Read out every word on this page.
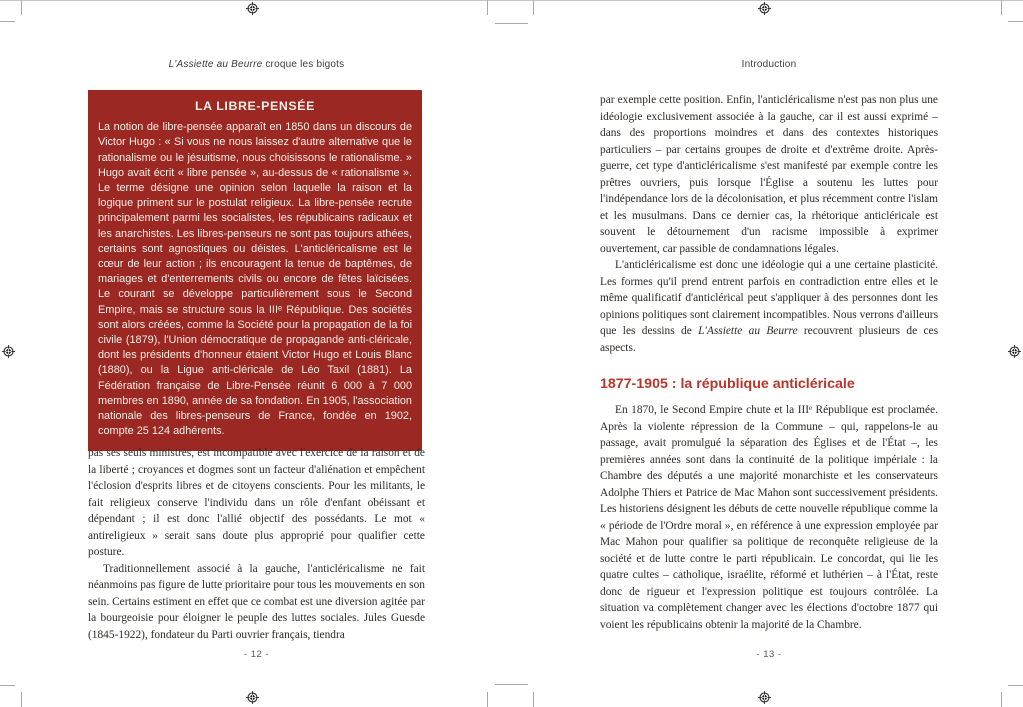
L'Assiette au Beurre croque les bigots
LA LIBRE-PENSÉE
La notion de libre-pensée apparaît en 1850 dans un discours de Victor Hugo : « Si vous ne nous laissez d'autre alternative que le rationalisme ou le jésuitisme, nous choisissons le rationalisme. » Hugo avait écrit « libre pensée », au-dessus de « rationalisme ». Le terme désigne une opinion selon laquelle la raison et la logique priment sur le postulat religieux. La libre-pensée recrute principalement parmi les socialistes, les républicains radicaux et les anarchistes. Les libres-penseurs ne sont pas toujours athées, certains sont agnostiques ou déistes. L'anticléricalisme est le cœur de leur action ; ils encouragent la tenue de baptêmes, de mariages et d'enterrements civils ou encore de fêtes laïcisées. Le courant se développe particulièrement sous le Second Empire, mais se structure sous la IIIᵉ République. Des sociétés sont alors créées, comme la Société pour la propagation de la foi civile (1879), l'Union démocratique de propagande anti-cléricale, dont les présidents d'honneur étaient Victor Hugo et Louis Blanc (1880), ou la Ligue anti-cléricale de Léo Taxil (1881). La Fédération française de Libre-Pensée réunit 6 000 à 7 000 membres en 1890, année de sa fondation. En 1905, l'association nationale des libres-penseurs de France, fondée en 1902, compte 25 124 adhérents.

pas ses seuls ministres, est incompatible avec l'exercice de la raison et de la liberté ; croyances et dogmes sont un facteur d'aliénation et empêchent l'éclosion d'esprits libres et de citoyens conscients. Pour les militants, le fait religieux conserve l'individu dans un rôle d'enfant obéissant et dépendant ; il est donc l'allié objectif des possédants. Le mot « antireligieux » serait sans doute plus approprié pour qualifier cette posture.

Traditionnellement associé à la gauche, l'anticléricalisme ne fait néanmoins pas figure de lutte prioritaire pour tous les mouvements en son sein. Certains estiment en effet que ce combat est une diversion agitée par la bourgeoisie pour éloigner le peuple des luttes sociales. Jules Guesde (1845-1922), fondateur du Parti ouvrier français, tiendra

- 12 -
Introduction

par exemple cette position. Enfin, l'anticléricalisme n'est pas non plus une idéologie exclusivement associée à la gauche, car il est aussi exprimé – dans des proportions moindres et dans des contextes historiques particuliers – par certains groupes de droite et d'extrême droite. Après-guerre, cet type d'anticléricalisme s'est manifesté par exemple contre les prêtres ouvriers, puis lorsque l'Église a soutenu les luttes pour l'indépendance lors de la décolonisation, et plus récemment contre l'islam et les musulmans. Dans ce dernier cas, la rhétorique anticléricale est souvent le détournement d'un racisme impossible à exprimer ouvertement, car passible de condamnations légales.

L'anticléricalisme est donc une idéologie qui a une certaine plasticité. Les formes qu'il prend entrent parfois en contradiction entre elles et le même qualificatif d'anticlérical peut s'appliquer à des personnes dont les opinions politiques sont clairement incompatibles. Nous verrons d'ailleurs que les dessins de L'Assiette au Beurre recouvrent plusieurs de ces aspects.

1877-1905 : la république anticléricale

En 1870, le Second Empire chute et la IIIᵉ République est proclamée. Après la violente répression de la Commune – qui, rappelons-le au passage, avait promulgué la séparation des Églises et de l'État –, les premières années sont dans la continuité de la politique impériale : la Chambre des députés a une majorité monarchiste et les conservateurs Adolphe Thiers et Patrice de Mac Mahon sont successivement présidents. Les historiens désignent les débuts de cette nouvelle république comme la « période de l'Ordre moral », en référence à une expression employée par Mac Mahon pour qualifier sa politique de reconquête religieuse de la société et de lutte contre le parti républicain. Le concordat, qui lie les quatre cultes – catholique, israélite, réformé et luthérien – à l'État, reste donc de rigueur et l'expression politique est toujours contrôlée. La situation va complètement changer avec les élections d'octobre 1877 qui voient les républicains obtenir la majorité de la Chambre.

- 13 -
